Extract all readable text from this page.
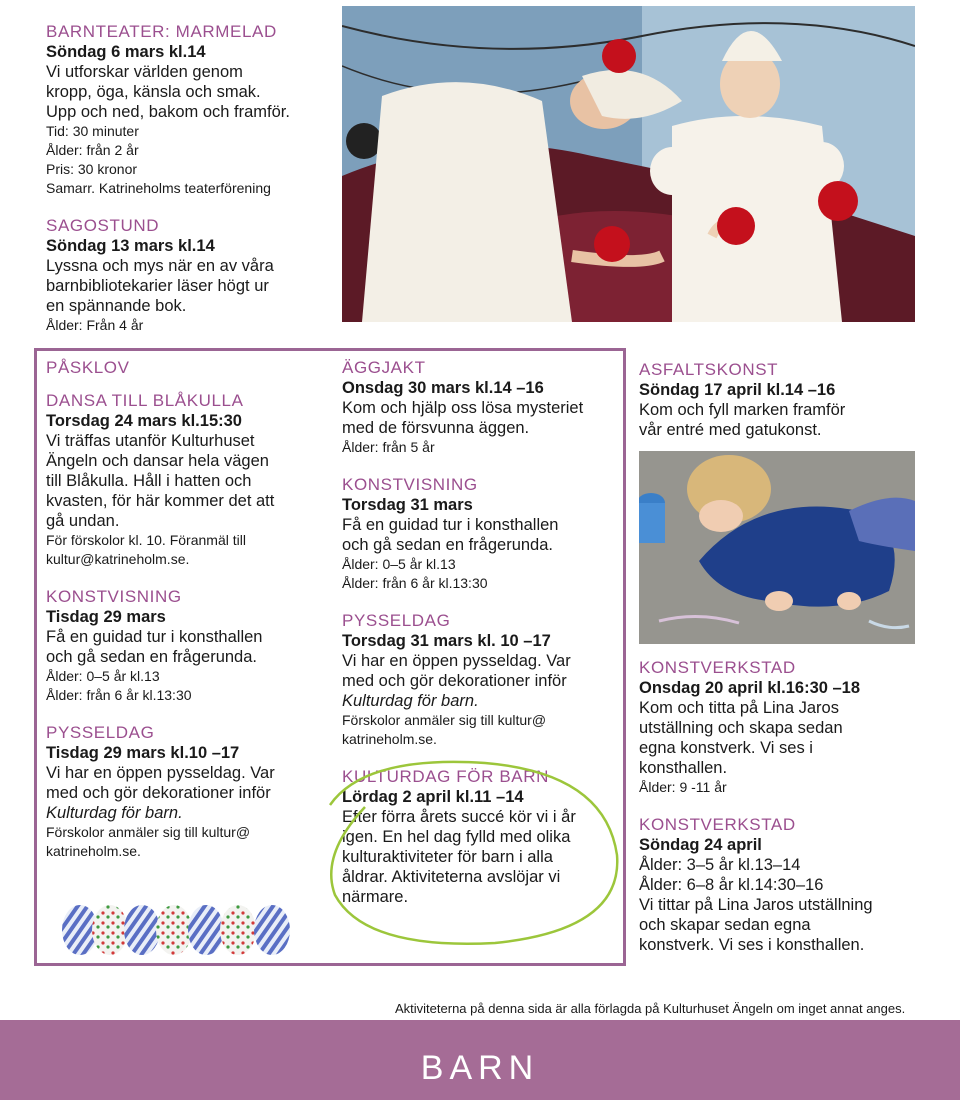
BARNTEATER: MARMELAD

Söndag 6 mars kl.14

Vi utforskar världen genom

kropp, öga, känsla och smak.

Upp och ned, bakom och framför.

Tid: 30 minuter

Ålder: från 2 år

Pris: 30 kronor

Samarr. Katrineholms teaterförening

SAGOSTUND

Söndag 13 mars kl.14

Lyssna och mys när en av våra

barnbibliotekarier läser högt ur

en spännande bok.

Ålder: Från 4 år

PÅSKLOV

DANSA TILL BLÅKULLA

Torsdag 24 mars kl.15:30

Vi träffas utanför Kulturhuset

Ängeln och dansar hela vägen

till Blåkulla. Håll i hatten och

kvasten, för här kommer det att

gå undan.

För förskolor kl. 10. Föranmäl till

kultur@katrineholm.se.

KONSTVISNING

Tisdag 29 mars

Få en guidad tur i konsthallen

och gå sedan en frågerunda.

Ålder: 0–5 år kl.13

Ålder: från 6 år kl.13:30

PYSSELDAG

Tisdag 29 mars kl.10 –17

Vi har en öppen pysseldag. Var

med och gör dekorationer inför

Kulturdag för barn.

Förskolor anmäler sig till kultur@

katrineholm.se.

ÄGGJAKT

Onsdag 30 mars kl.14 –16

Kom och hjälp oss lösa mysteriet

med de försvunna äggen.

Ålder: från 5 år

KONSTVISNING

Torsdag 31 mars

Få en guidad tur i konsthallen

och gå sedan en frågerunda.

Ålder: 0–5 år kl.13

Ålder: från 6 år kl.13:30

PYSSELDAG

Torsdag 31 mars kl. 10 –17

Vi har en öppen pysseldag. Var

med och gör dekorationer inför

Kulturdag för barn.

Förskolor anmäler sig till kultur@

katrineholm.se.

KULTURDAG FÖR BARN

Lördag 2 april kl.11 –14

Efter förra årets succé kör vi i år

igen. En hel dag fylld med olika

kulturaktiviteter för barn i alla

åldrar. Aktiviteterna avslöjar vi

närmare.

ASFALTSKONST

Söndag 17 april kl.14 –16

Kom och fyll marken framför

vår entré med gatukonst.

KONSTVERKSTAD

Onsdag 20 april kl.16:30 –18

Kom och titta på Lina Jaros

utställning och skapa sedan

egna konstverk. Vi ses i

konsthallen.

Ålder: 9 -11 år

KONSTVERKSTAD

Söndag 24 april

Ålder: 3–5 år kl.13–14

Ålder: 6–8 år kl.14:30–16

Vi tittar på Lina Jaros utställning

och skapar sedan egna

konstverk. Vi ses i konsthallen.

Aktiviteterna på denna sida är alla förlagda på Kulturhuset Ängeln om inget annat anges.
BARN
